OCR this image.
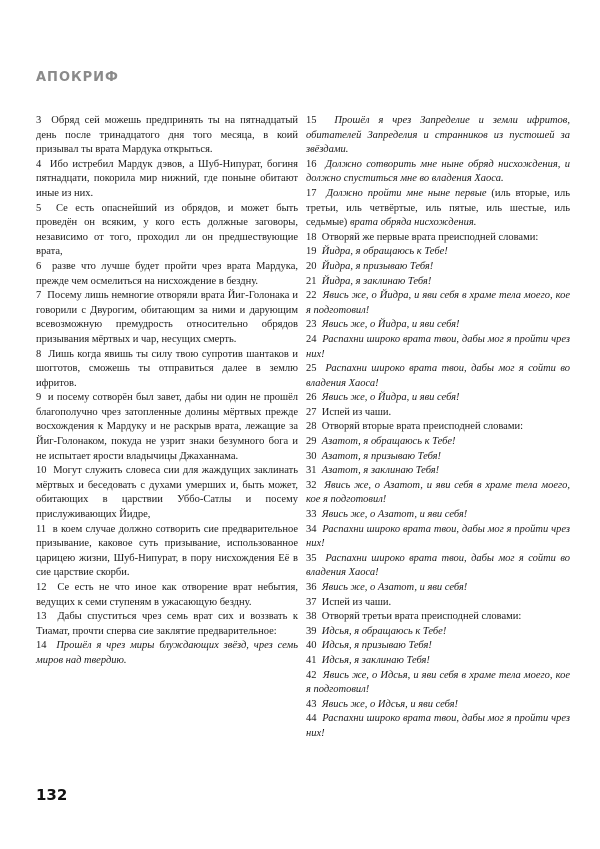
АПОКРИФ

3 Обряд сей можешь предпринять ты на пятнадцатый день после тринадцатого дня того месяца, в коий призывал ты врата Мардука открыться.

4 Ибо истребил Мардук дэвов, а Шуб-Нипурат, богиня пятнадцати, покорила мир нижний, где поныне обитают иные из них.

5 Се есть опаснейший из обрядов, и может быть проведён он всяким, у кого есть должные заговоры, независимо от того, проходил ли он предшествующие врата,

6 разве что лучше будет пройти чрез врата Мардука, прежде чем осмелиться на нисхождение в бездну.

7 Посему лишь немногие отворяли врата Йиг-Голонака и говорили с Двурогим, обитающим за ними и дарующим всевозможную премудрость относительно обрядов призывания мёртвых и чар, несущих смерть.

8 Лишь когда явишь ты силу твою супротив шантаков и шогготов, сможешь ты отправиться далее в землю ифритов.

9 и посему сотворён был завет, дабы ни один не прошёл благополучно чрез затопленные долины мёртвых прежде восхождения к Мардуку и не раскрыв врата, лежащие за Йиг-Голонаком, покуда не узрит знаки безумного бога и не испытает ярости владычицы Джаханнама.

10 Могут служить словеса сии для жаждущих заклинать мёртвых и беседовать с духами умерших и, быть может, обитающих в царствии Уббо-Сатлы и посему прислуживающих Йидре,

11 в коем случае должно сотворить сие предварительное призывание, каковое суть призывание, использованное царицею жизни, Шуб-Нипурат, в пору нисхождения Её в сие царствие скорби.

12 Се есть не что иное как отворение врат небытия, ведущих к семи ступеням в ужасающую бездну.

13 Дабы спуститься чрез семь врат сих и воззвать к Тиамат, прочти сперва сие заклятие предварительное:

14 Прошёл я чрез миры блуждающих звёзд, чрез семь миров над твердию.

15 Прошёл я чрез Запределие и земли ифритов, обитателей Запределия и странников из пустошей за звёздами.

16 Должно сотворить мне ныне обряд нисхождения, и должно спуститься мне во владения Хаоса.

17 Должно пройти мне ныне первые (иль вторые, иль третьи, иль четвёртые, иль пятые, иль шестые, иль седьмые) врата обряда нисхождения.

18 Отворяй же первые врата преисподней словами:

19 Йидра, я обращаюсь к Тебе!

20 Йидра, я призываю Тебя!

21 Йидра, я заклинаю Тебя!

22 Явись же, о Йидра, и яви себя в храме тела моего, кое я подготовил!

23 Явись же, о Йидра, и яви себя!

24 Распахни широко врата твои, дабы мог я пройти чрез них!

25 Распахни широко врата твои, дабы мог я сойти во владения Хаоса!

26 Явись же, о Йидра, и яви себя!

27 Испей из чаши.

28 Отворяй вторые врата преисподней словами:

29 Азатот, я обращаюсь к Тебе!

30 Азатот, я призываю Тебя!

31 Азатот, я заклинаю Тебя!

32 Явись же, о Азатот, и яви себя в храме тела моего, кое я подготовил!

33 Явись же, о Азатот, и яви себя!

34 Распахни широко врата твои, дабы мог я пройти чрез них!

35 Распахни широко врата твои, дабы мог я сойти во владения Хаоса!

36 Явись же, о Азатот, и яви себя!

37 Испей из чаши.

38 Отворяй третьи врата преисподней словами:

39 Идсья, я обращаюсь к Тебе!

40 Идсья, я призываю Тебя!

41 Идсья, я заклинаю Тебя!

42 Явись же, о Идсья, и яви себя в храме тела моего, кое я подготовил!

43 Явись же, о Идсья, и яви себя!

44 Распахни широко врата твои, дабы мог я пройти чрез них!

132
